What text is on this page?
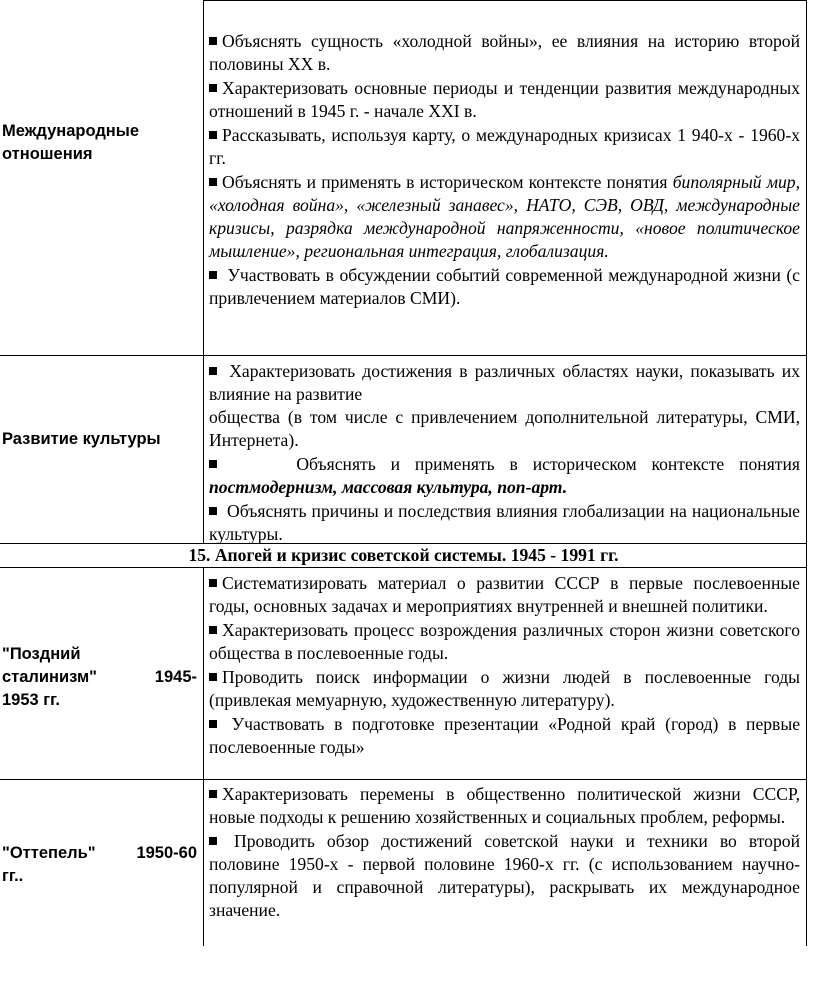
Международные отношения

Объяснять сущность «холодной войны», ее влияния на историю второй половины XX в.

Характеризовать основные периоды и тенденции развития международных отношений в 1945 г. - начале XXI в.

Рассказывать, используя карту, о международных кризисах 1 940-х - 1960-х гг.

Объяснять и применять в историческом контексте понятия биполярный мир, «холодная война», «железный занавес», НАТО, СЭВ, ОВД, международные кризисы, разрядка международной напряженности, «новое политическое мышление», региональная интеграция, глобализация.

Участвовать в обсуждении событий современной международной жизни (с привлечением материалов СМИ).

Развитие культуры

Характеризовать достижения в различных областях науки, показывать их влияние на развитие

общества (в том числе с привлечением дополнительной литературы, СМИ, Интернета).

Объяснять и применять в историческом контексте понятия постмодернизм, массовая культура, поп-арт.

Объяснять причины и последствия влияния глобализации на национальные культуры.

15. Апогей и кризис советской системы. 1945 - 1991 гг.
"Поздний
сталинизм"	1945-
1953 гг.

Систематизировать материал о развитии СССР в первые послевоенные годы, основных задачах и мероприятиях внутренней и внешней политики.

Характеризовать процесс возрождения различных сторон жизни советского общества в послевоенные годы.

Проводить поиск информации о жизни людей в послевоенные годы (привлекая мемуарную, художественную литературу).

Участвовать в подготовке презентации «Родной край (город) в первые послевоенные годы»

"Оттепель" 1950-60
гг..

Характеризовать перемены в общественно политической жизни СССР, новые подходы к решению хозяйственных и социальных проблем, реформы.

Проводить обзор достижений советской науки и техники во второй половине 1950-х - первой половине 1960-х гг. (с использованием научно-популярной и справочной литературы), раскрывать их международное значение.
